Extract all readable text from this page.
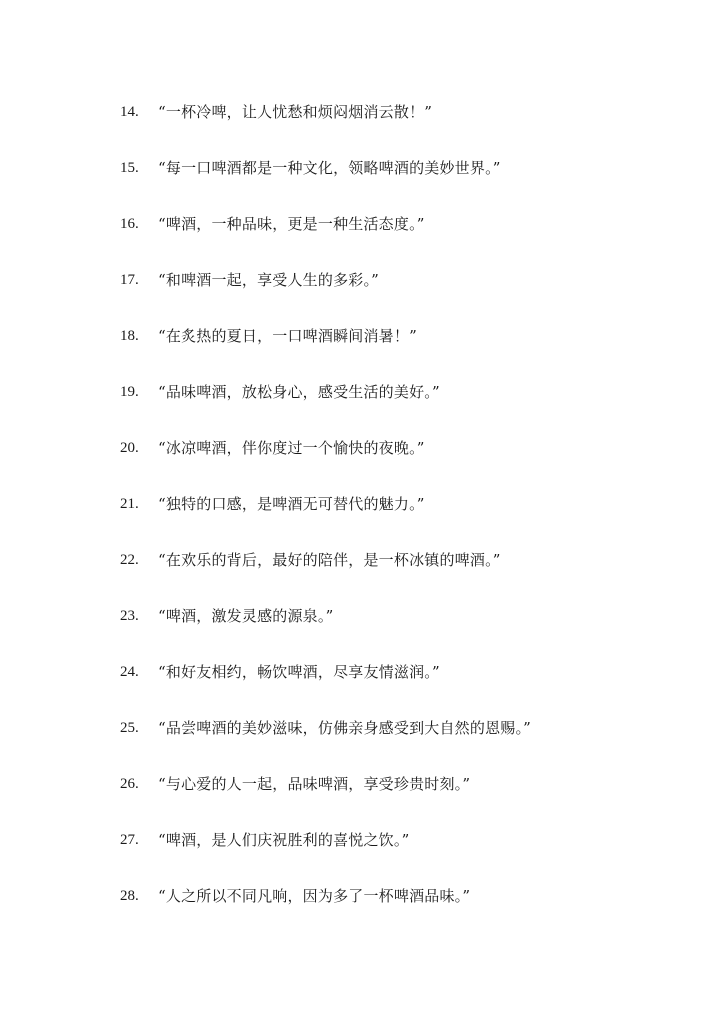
14.	“一杯冷啤，让人忧愁和烦闷烟消云散！”
15.	“每一口啤酒都是一种文化，领略啤酒的美妙世界。”
16.	“啤酒，一种品味，更是一种生活态度。”
17.	“和啤酒一起，享受人生的多彩。”
18.	“在炙热的夏日，一口啤酒瞬间消暑！”
19.	“品味啤酒，放松身心，感受生活的美好。”
20.	“冰凉啤酒，伴你度过一个愉快的夜晚。”
21.	“独特的口感，是啤酒无可替代的魅力。”
22.	“在欢乐的背后，最好的陪伴，是一杯冰镇的啤酒。”
23.	“啤酒，激发灵感的源泉。”
24.	“和好友相约，畅饮啤酒，尽享友情滋润。”
25.	“品尝啤酒的美妙滋味，仿佛亲身感受到大自然的恩赐。”
26.	“与心爱的人一起，品味啤酒，享受珍贵时刻。”
27.	“啤酒，是人们庆祝胜利的喜悦之饮。”
28.	“人之所以不同凡响，因为多了一杯啤酒品味。”
